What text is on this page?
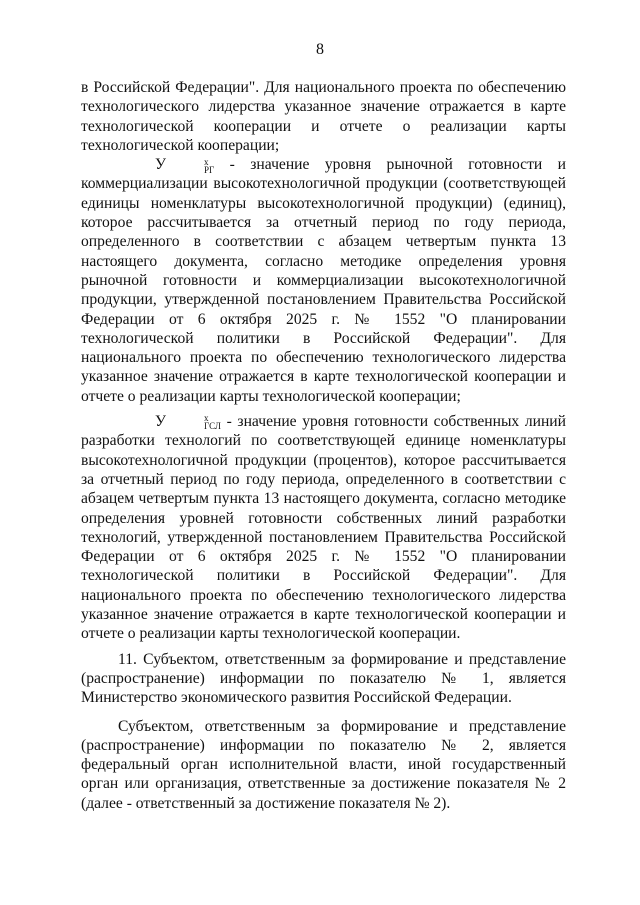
8

в Российской Федерации". Для национального проекта по обеспечению технологического лидерства указанное значение отражается в карте технологической кооперации и отчете о реализации карты технологической кооперации;

У	х
РГ - значение уровня рыночной готовности и коммерциализации высокотехнологичной продукции (соответствующей единицы номенклатуры высокотехнологичной продукции) (единиц), которое рассчитывается за отчетный период по году периода, определенного в соответствии с абзацем четвертым пункта 13 настоящего документа, согласно методике определения уровня рыночной готовности и коммерциализации высокотехнологичной продукции, утвержденной постановлением Правительства Российской Федерации от 6 октября 2025 г. № 1552 "О планировании технологической политики в Российской Федерации". Для национального проекта по обеспечению технологического лидерства указанное значение отражается в карте технологической кооперации и отчете о реализации карты технологической кооперации;

У	х
ГСЛ - значение уровня готовности собственных линий разработки технологий по соответствующей единице номенклатуры высокотехнологичной продукции (процентов), которое рассчитывается за отчетный период по году периода, определенного в соответствии с абзацем четвертым пункта 13 настоящего документа, согласно методике определения уровней готовности собственных линий разработки технологий, утвержденной постановлением Правительства Российской Федерации от 6 октября 2025 г. № 1552 "О планировании технологической политики в Российской Федерации". Для национального проекта по обеспечению технологического лидерства указанное значение отражается в карте технологической кооперации и отчете о реализации карты технологической кооперации.

11. Субъектом, ответственным за формирование и представление (распространение) информации по показателю № 1, является Министерство экономического развития Российской Федерации.

Субъектом, ответственным за формирование и представление (распространение) информации по показателю № 2, является федеральный орган исполнительной власти, иной государственный орган или организация, ответственные за достижение показателя № 2 (далее - ответственный за достижение показателя № 2).
